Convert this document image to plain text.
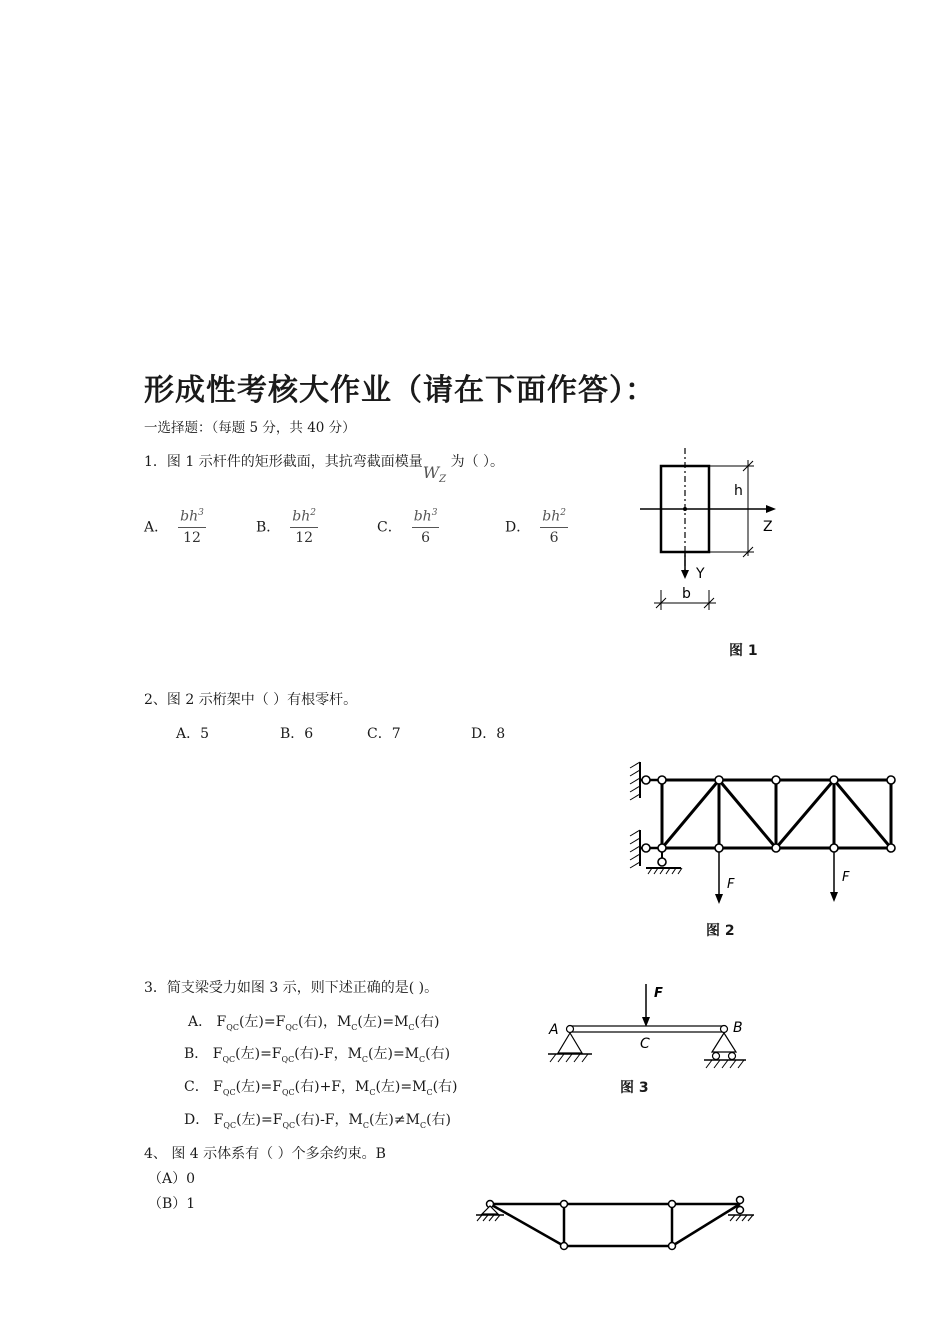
形成性考核大作业（请在下面作答）：
一选择题：（每题 5 分，共 40 分）
1．图 1 示杆件的矩形截面，其抗弯截面模量$W_Z$ 为（ ）。
A． $\frac{bh^3}{12}$	B． $\frac{bh^2}{12}$	C． $\frac{bh^3}{6}$	D． $\frac{bh^2}{6}$
h
Z
Y
b
图 1
2、图 2 示桁架中（ ）有根零杆。
A．5	B．6	C．7	D．8
F	F
图 2
3．简支梁受力如图 3 示，则下述正确的是( )。
A． $F_{QC}$(左)$=F_{QC}$(右)，$M_C$(左)$=M_C$(右)
B． $F_{QC}$(左)$=F_{QC}$(右)-F，$M_C$(左)$=M_C$(右)
C． $F_{QC}$(左)$=F_{QC}$(右)+F，$M_C$(左)$=M_C$(右)
D． $F_{QC}$(左)$=F_{QC}$(右)-F，$M_C$(左)$\ne M_C$(右)
F
A	B
C
图 3
4、 图 4 示体系有（ ）个多余约束。B
（A）0
（B）1
